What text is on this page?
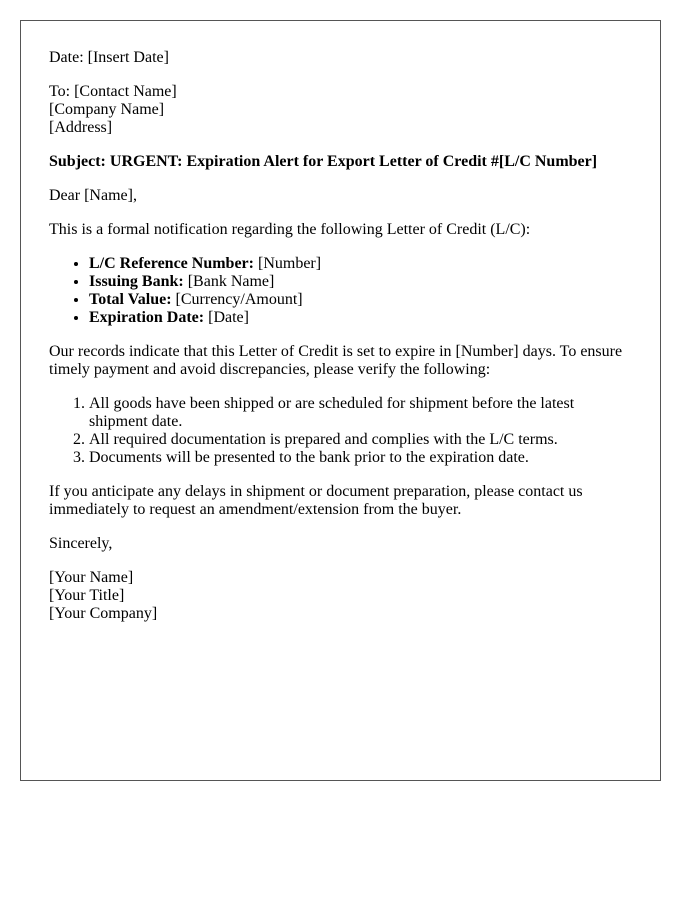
Date: [Insert Date]

To: [Contact Name]
[Company Name]
[Address]

Subject: URGENT: Expiration Alert for Export Letter of Credit #[L/C Number]

Dear [Name],

This is a formal notification regarding the following Letter of Credit (L/C):

• L/C Reference Number: [Number]
• Issuing Bank: [Bank Name]
• Total Value: [Currency/Amount]
• Expiration Date: [Date]

Our records indicate that this Letter of Credit is set to expire in [Number] days. To ensure timely payment and avoid discrepancies, please verify the following:

1. All goods have been shipped or are scheduled for shipment before the latest shipment date.
2. All required documentation is prepared and complies with the L/C terms.
3. Documents will be presented to the bank prior to the expiration date.

If you anticipate any delays in shipment or document preparation, please contact us immediately to request an amendment/extension from the buyer.

Sincerely,

[Your Name]
[Your Title]
[Your Company]
